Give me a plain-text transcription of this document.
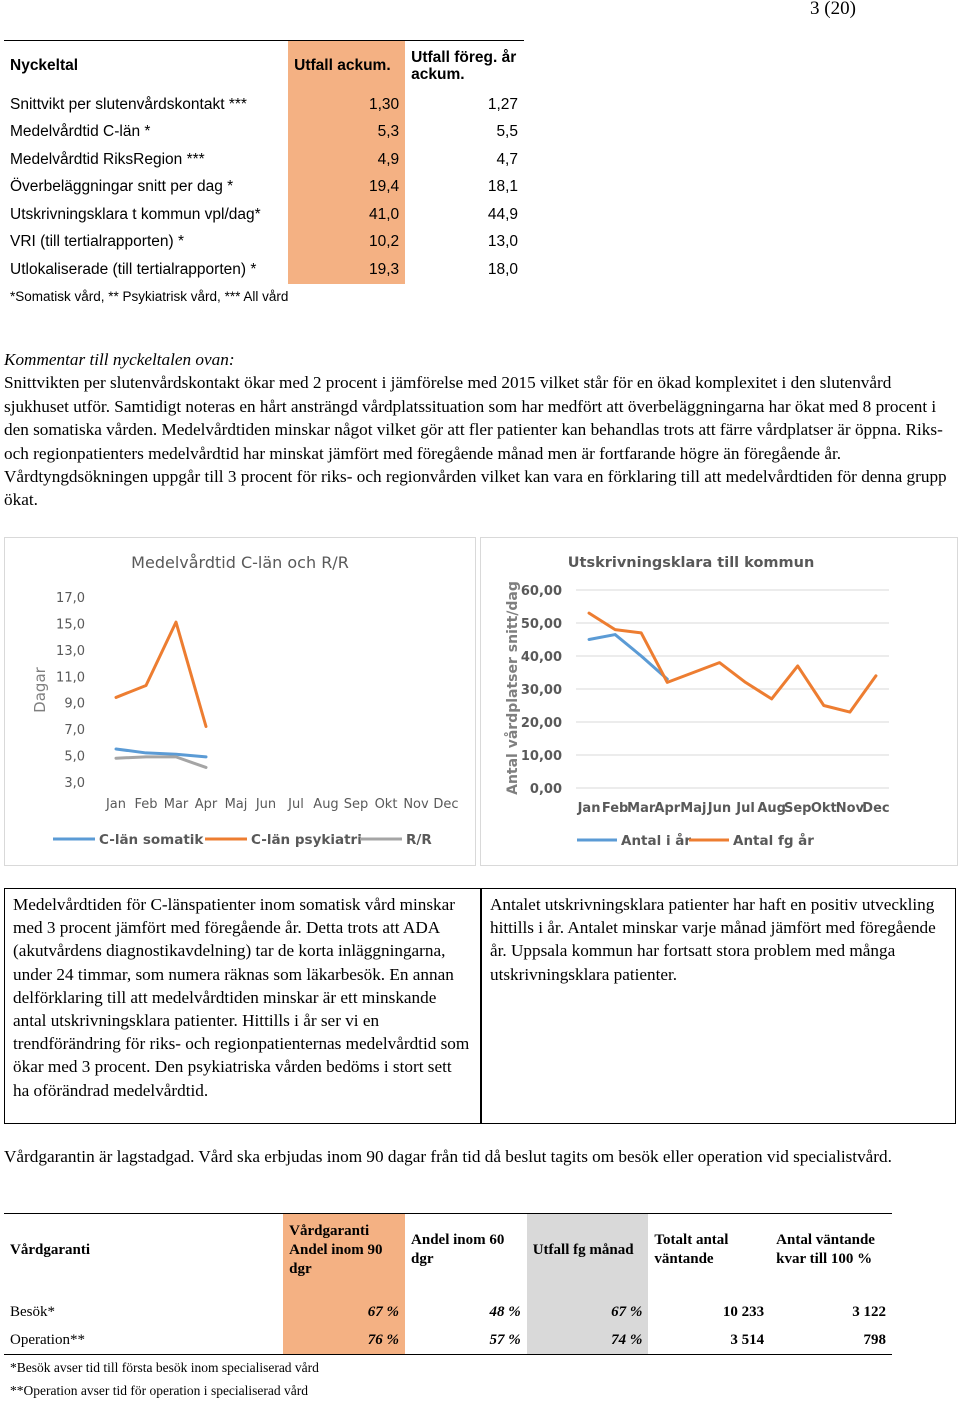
3 (20)
Nyckeltal	Utfall ackum.	Utfall föreg. år ackum.
Snittvikt per slutenvårdskontakt ***	1,30	1,27
Medelvårdtid C-län *	5,3	5,5
Medelvårdtid RiksRegion ***	4,9	4,7
Överbeläggningar snitt per dag *	19,4	18,1
Utskrivningsklara t kommun vpl/dag*	41,0	44,9
VRI (till tertialrapporten) *	10,2	13,0
Utlokaliserade (till tertialrapporten) *	19,3	18,0
*Somatisk vård, ** Psykiatrisk vård, *** All vård
Kommentar till nyckeltalen ovan:
Snittvikten per slutenvårdskontakt ökar med 2 procent i jämförelse med 2015 vilket står för en ökad komplexitet i den slutenvård sjukhuset utför. Samtidigt noteras en hårt ansträngd vårdplatssituation som har medfört att överbeläggningarna har ökat med 8 procent i den somatiska vården. Medelvårdtiden minskar något vilket gör att fler patienter kan behandlas trots att färre vårdplatser är öppna. Riks- och regionpatienters medelvårdtid har minskat jämfört med föregående månad men är fortfarande högre än föregående år. Vårdtyngdsökningen uppgår till 3 procent för riks- och regionvården vilket kan vara en förklaring till att medelvårdtiden för denna grupp ökat.
Medelvårdtid C-län och R/R
17,0
15,0
13,0
11,0
9,0
7,0
5,0
3,0
Dagar
Jan Feb Mar Apr Maj Jun Jul Aug Sep Okt Nov Dec
C-län somatik	C-län psykiatri	R/R
Utskrivningsklara till kommun
60,00
50,00
40,00
30,00
20,00
10,00
0,00
Antal vårdplatser snitt/dag
Jan Feb
Mar Apr Maj Jun Jul Aug
Sep Okt
Nov
Dec
Antal i år	Antal fg år
Medelvårdtiden för C-länspatienter inom somatisk vård minskar med 3 procent jämfört med föregående år. Detta trots att ADA (akutvårdens diagnostikavdelning) tar de korta inläggningarna, under 24 timmar, som numera räknas som läkarbesök. En annan delförklaring till att medelvårdtiden minskar är ett minskande antal utskrivningsklara patienter. Hittills i år ser vi en trendförändring för riks- och regionpatienternas medelvårdtid som ökar med 3 procent. Den psykiatriska vården bedöms i stort sett ha oförändrad medelvårdtid.
Antalet utskrivningsklara patienter har haft en positiv utveckling hittills i år. Antalet minskar varje månad jämfört med föregående år. Uppsala kommun har fortsatt stora problem med många utskrivningsklara patienter.
Vårdgarantin är lagstadgad. Vård ska erbjudas inom 90 dagar från tid då beslut tagits om besök eller operation vid specialistvård.
Vårdgaranti	Vårdgaranti Andel inom 90 dgr	Andel inom 60 dgr	Utfall fg månad	Totalt antal väntande	Antal väntande kvar till 100 %

Besök*	67 %	48 %	67 %	10 233	3 122
Operation**	76 %	57 %	74 %	3 514	798
*Besök avser tid till första besök inom specialiserad vård
**Operation avser tid för operation i specialiserad vård
